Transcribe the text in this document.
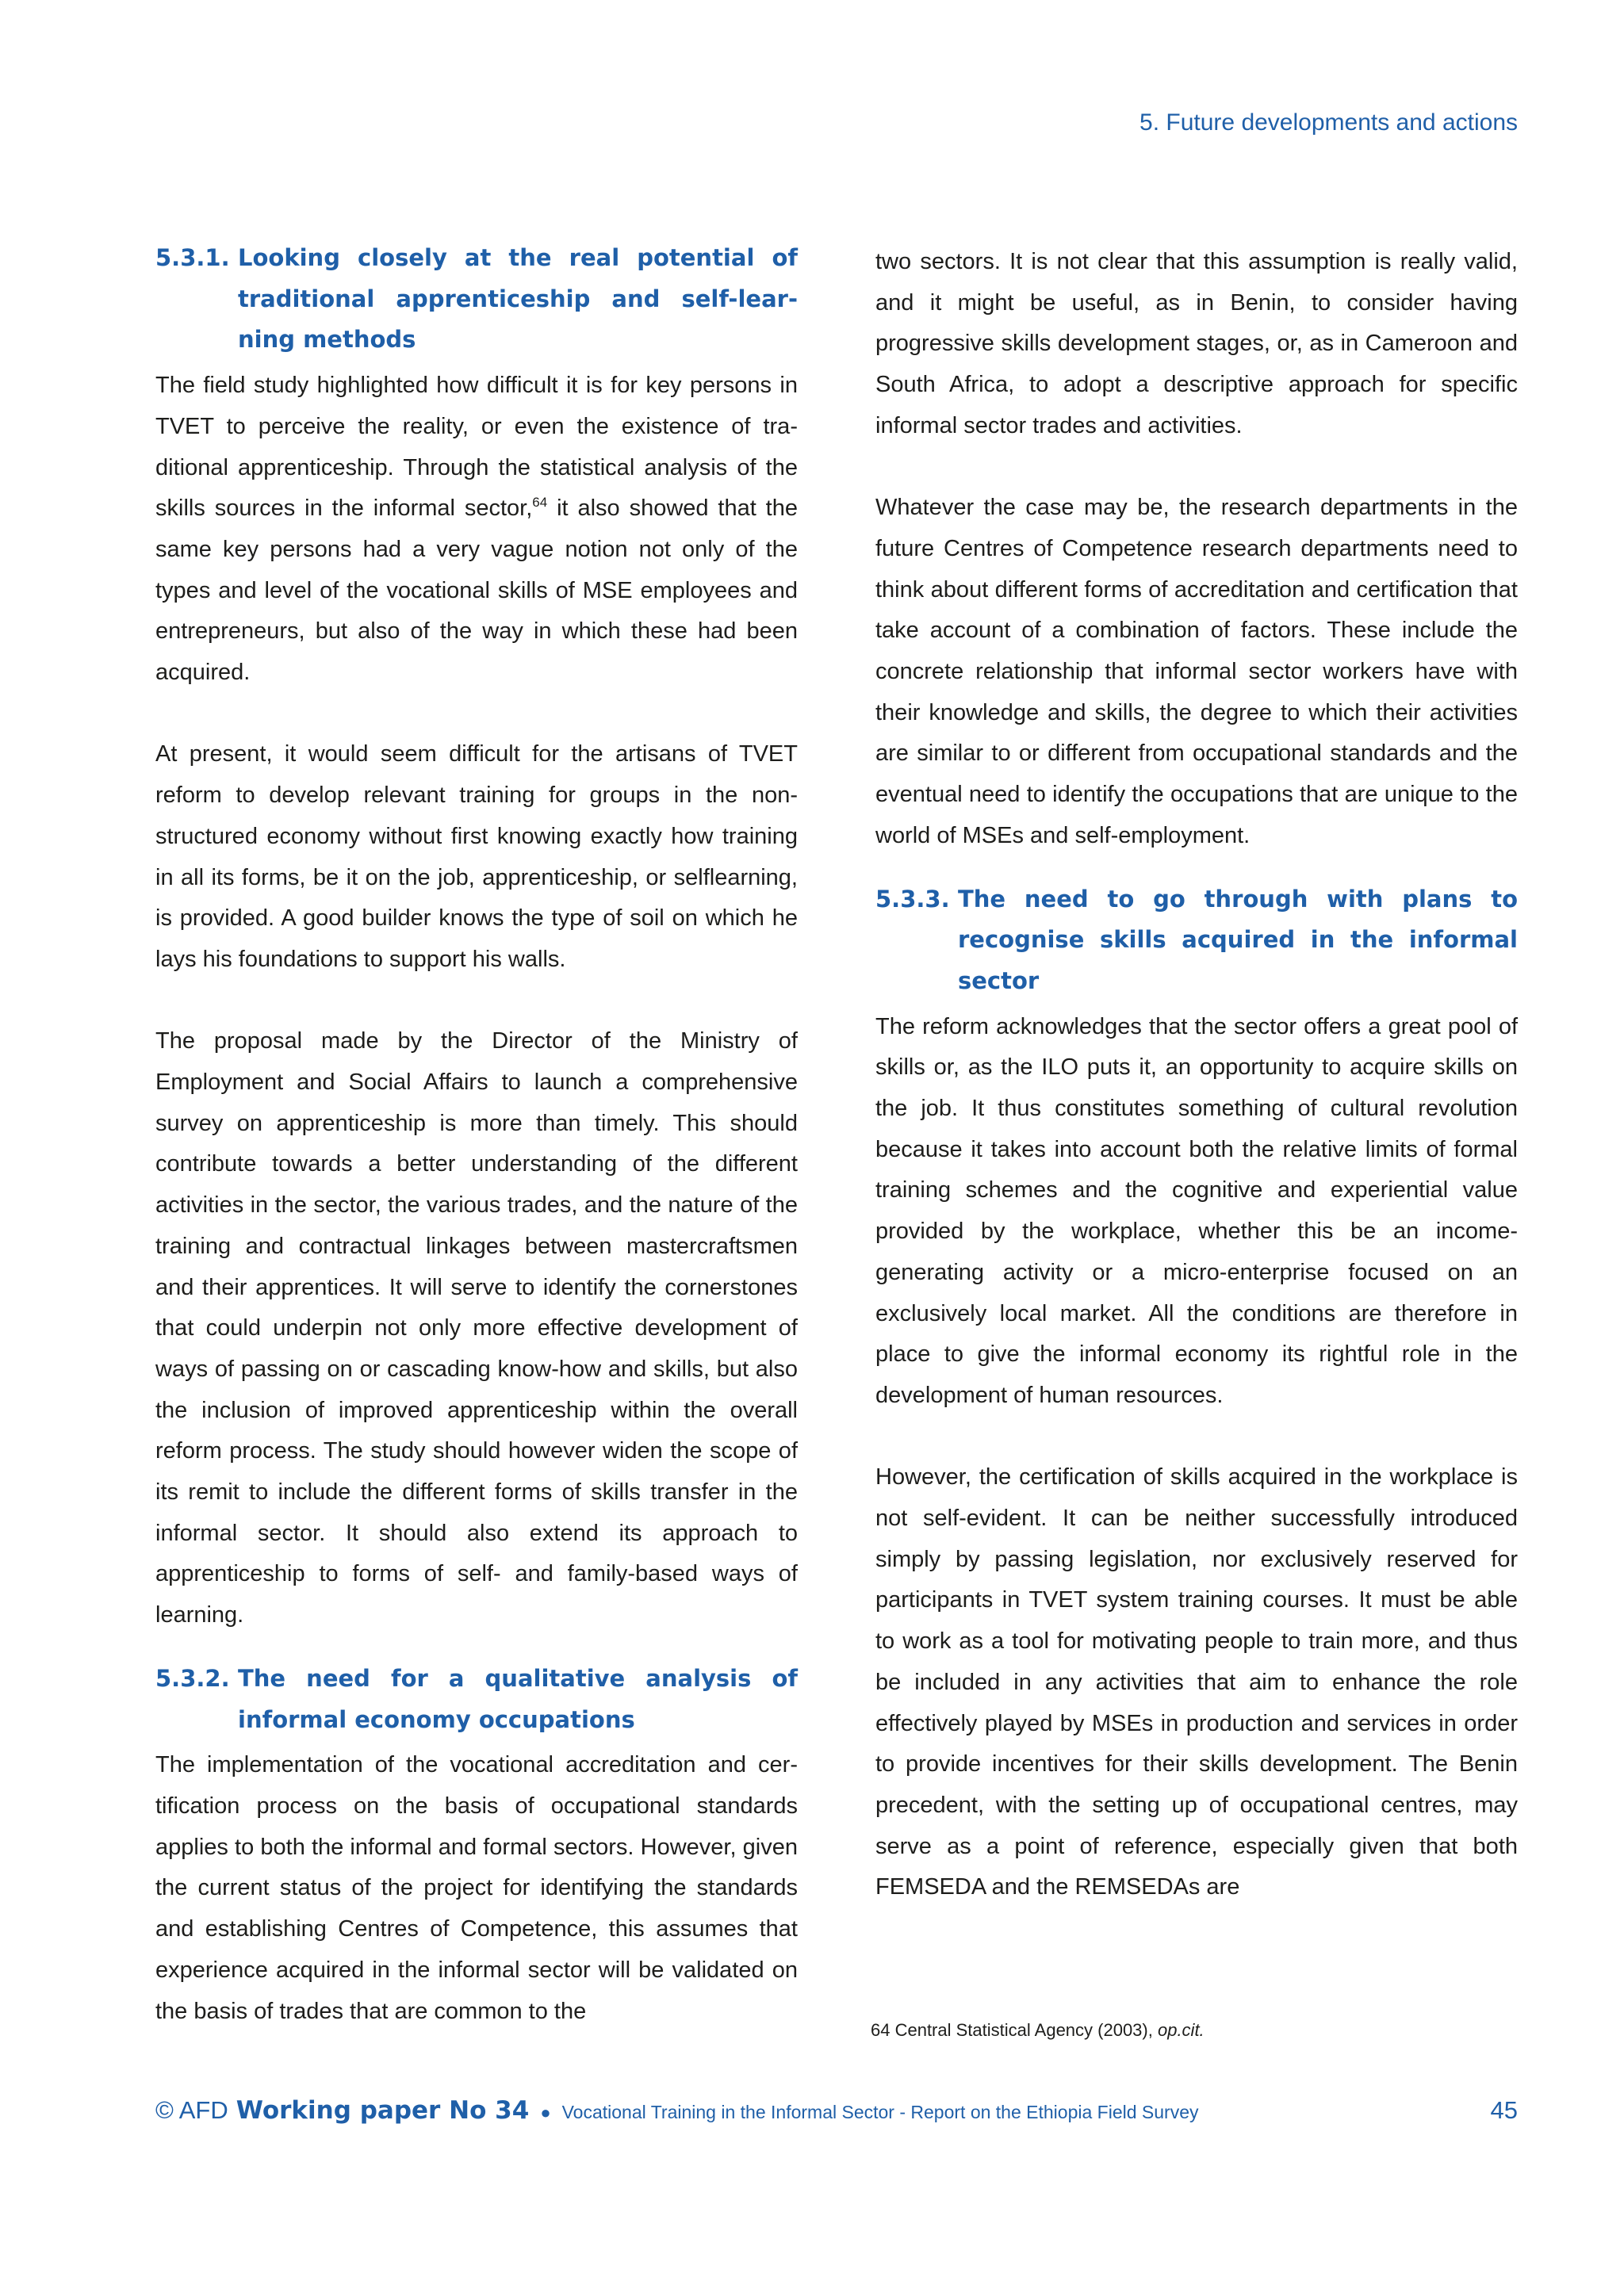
5. Future developments and actions
5.3.1. Looking closely at the real potential of traditional apprenticeship and self-learning methods

The field study highlighted how difficult it is for key persons in TVET to perceive the reality, or even the existence of traditional apprenticeship. Through the statistical analysis of the skills sources in the informal sector,$^{64}$ it also showed that the same key persons had a very vague notion not only of the types and level of the vocational skills of MSE employees and entrepreneurs, but also of the way in which these had been acquired.

At present, it would seem difficult for the artisans of TVET reform to develop relevant training for groups in the nonstructured economy without first knowing exactly how training in all its forms, be it on the job, apprenticeship, or selflearning, is provided. A good builder knows the type of soil on which he lays his foundations to support his walls.

The proposal made by the Director of the Ministry of Employment and Social Affairs to launch a comprehensive survey on apprenticeship is more than timely. This should contribute towards a better understanding of the different activities in the sector, the various trades, and the nature of the training and contractual linkages between mastercraftsmen and their apprentices. It will serve to identify the cornerstones that could underpin not only more effective development of ways of passing on or cascading know-how and skills, but also the inclusion of improved apprenticeship within the overall reform process. The study should however widen the scope of its remit to include the different forms of skills transfer in the informal sector. It should also extend its approach to apprenticeship to forms of self- and family-based ways of learning.

5.3.2. The need for a qualitative analysis of informal economy occupations

The implementation of the vocational accreditation and certification process on the basis of occupational standards applies to both the informal and formal sectors. However, given the current status of the project for identifying the standards and establishing Centres of Competence, this assumes that experience acquired in the informal sector will be validated on the basis of trades that are common to the

two sectors. It is not clear that this assumption is really valid, and it might be useful, as in Benin, to consider having progressive skills development stages, or, as in Cameroon and South Africa, to adopt a descriptive approach for specific informal sector trades and activities.

Whatever the case may be, the research departments in the future Centres of Competence research departments need to think about different forms of accreditation and certification that take account of a combination of factors. These include the concrete relationship that informal sector workers have with their knowledge and skills, the degree to which their activities are similar to or different from occupational standards and the eventual need to identify the occupations that are unique to the world of MSEs and self-employment.

5.3.3. The need to go through with plans to recognise skills acquired in the informal sector

The reform acknowledges that the sector offers a great pool of skills or, as the ILO puts it, an opportunity to acquire skills on the job. It thus constitutes something of cultural revolution because it takes into account both the relative limits of formal training schemes and the cognitive and experiential value provided by the workplace, whether this be an income-generating activity or a micro-enterprise focused on an exclusively local market. All the conditions are therefore in place to give the informal economy its rightful role in the development of human resources.

However, the certification of skills acquired in the workplace is not self-evident. It can be neither successfully introduced simply by passing legislation, nor exclusively reserved for participants in TVET system training courses. It must be able to work as a tool for motivating people to train more, and thus be included in any activities that aim to enhance the role effectively played by MSEs in production and services in order to provide incentives for their skills development. The Benin precedent, with the setting up of occupational centres, may serve as a point of reference, especially given that both FEMSEDA and the REMSEDAs are

64 Central Statistical Agency (2003), op.cit.
© AFD Working paper No 34 ● Vocational Training in the Informal Sector - Report on the Ethiopia Field Survey	45
